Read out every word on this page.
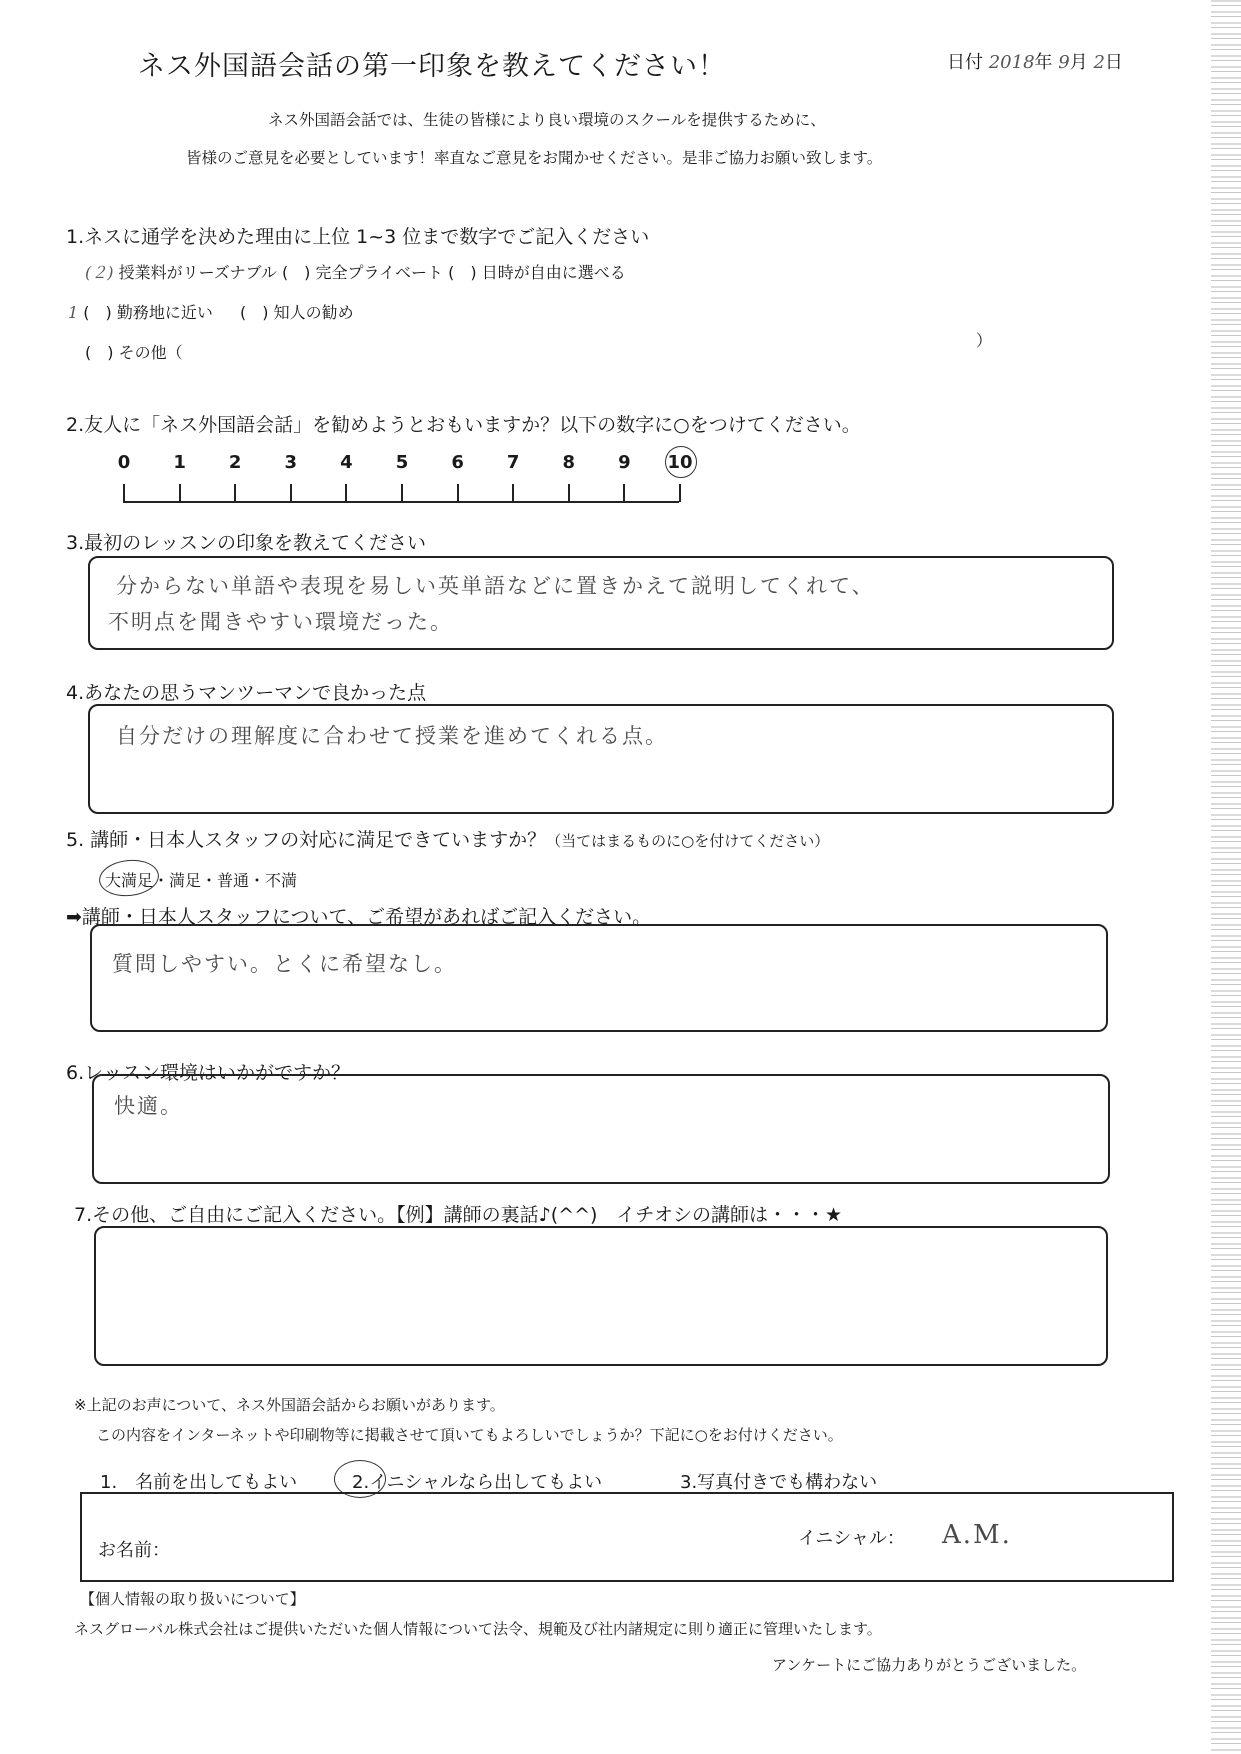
ネス外国語会話の第一印象を教えてください！	日付 2018年 9月 2日
ネス外国語会話では、生徒の皆様により良い環境のスクールを提供するために、
皆様のご意見を必要としています！率直なご意見をお聞かせください。是非ご協力お願い致します。
1.ネスに通学を決めた理由に上位 1~3 位まで数字でご記入ください
(２) 授業料がリーズナブル (　) 完全プライベート (　) 日時が自由に選べる
1 (　) 勤務地に近い (　) 知人の勧め
(　) その他（
）
2.友人に「ネス外国語会話」を勧めようとおもいますか？以下の数字に○をつけてください。
0 1 2 3 4 5 6 7 8 9 10
3.最初のレッスンの印象を教えてください
分からない単語や表現を易しい英単語などに置きかえて説明してくれて、
不明点を聞きやすい環境だった。
4.あなたの思うマンツーマンで良かった点
自分だけの理解度に合わせて授業を進めてくれる点。
5. 講師・日本人スタッフの対応に満足できていますか？（当てはまるものに○を付けてください）
大満足・満足・普通・不満
➡講師・日本人スタッフについて、ご希望があればご記入ください。
質問しやすい。とくに希望なし。
6.レッスン環境はいかがですか？
快適。
7.その他、ご自由にご記入ください。【例】講師の裏話♪(^^)　イチオシの講師は・・・★
※上記のお声について、ネス外国語会話からお願いがあります。
この内容をインターネットや印刷物等に掲載させて頂いてもよろしいでしょうか？下記に○をお付けください。
1.　名前を出してもよい	2.イニシャルなら出してもよい	3.写真付きでも構わない
お名前：
イニシャル： A.M.
【個人情報の取り扱いについて】
ネスグローバル株式会社はご提供いただいた個人情報について法令、規範及び社内諸規定に則り適正に管理いたします。
アンケートにご協力ありがとうございました。
